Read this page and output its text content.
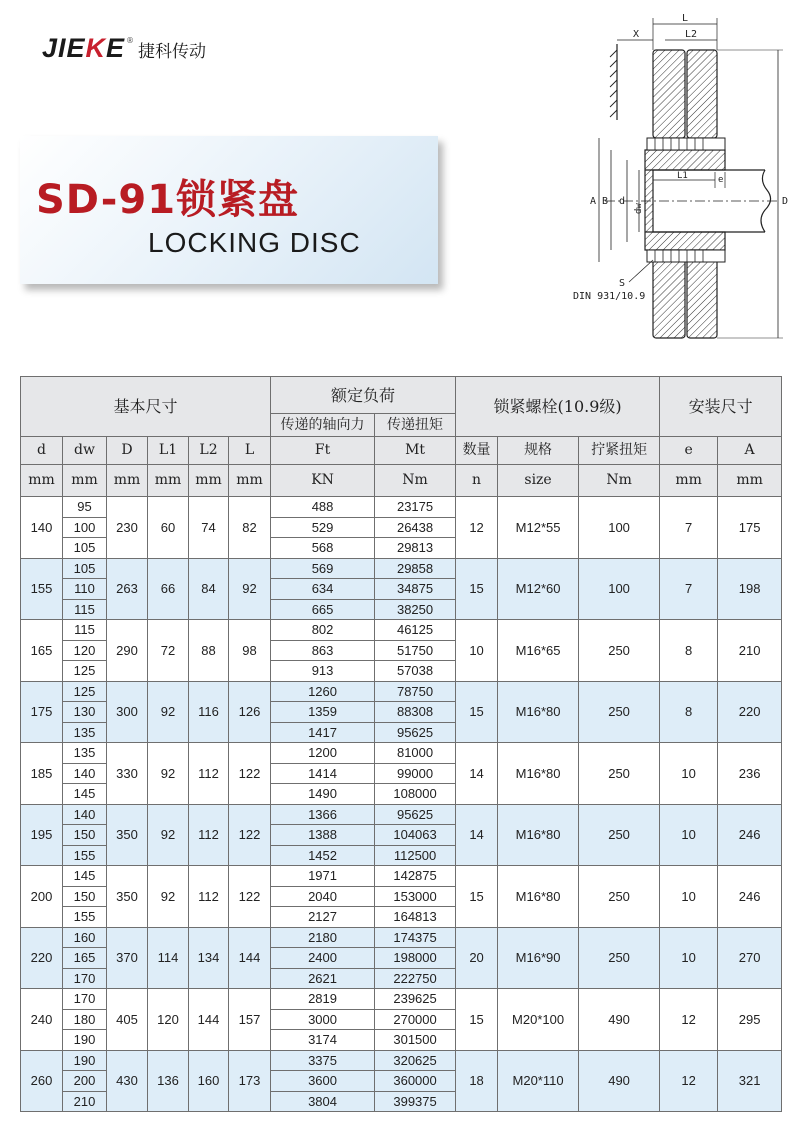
JIEKE ®
捷科传动
SD-91锁紧盘
LOCKING DISC
L
L2
X
L1	e
A B d
dw
D
S
DIN 931/10.9
基本尺寸						额定负荷		锁紧螺栓(10.9级)			安装尺寸	
						传递的轴向力	传递扭矩					
d	dw	D	L1	L2	L	Ft	Mt	数量	规格	拧紧扭矩	e	A
mm	mm	mm	mm	mm	mm	KN	Nm	n	size	Nm	mm	mm
140	95	230	60	74	82	488	23175	12	M12*55	100	7	175
	100					529	26438					
	105					568	29813					
155	105	263	66	84	92	569	29858	15	M12*60	100	7	198
	110					634	34875					
	115					665	38250					
165	115	290	72	88	98	802	46125	10	M16*65	250	8	210
	120					863	51750					
	125					913	57038					
175	125	300	92	116	126	1260	78750	15	M16*80	250	8	220
	130					1359	88308					
	135					1417	95625					
185	135	330	92	112	122	1200	81000	14	M16*80	250	10	236
	140					1414	99000					
	145					1490	108000					
195	140	350	92	112	122	1366	95625	14	M16*80	250	10	246
	150					1388	104063					
	155					1452	112500					
200	145	350	92	112	122	1971	142875	15	M16*80	250	10	246
	150					2040	153000					
	155					2127	164813					
220	160	370	114	134	144	2180	174375	20	M16*90	250	10	270
	165					2400	198000					
	170					2621	222750					
240	170	405	120	144	157	2819	239625	15	M20*100	490	12	295
	180					3000	270000					
	190					3174	301500					
260	190	430	136	160	173	3375	320625	18	M20*110	490	12	321
	200					3600	360000					
	210					3804	399375					
